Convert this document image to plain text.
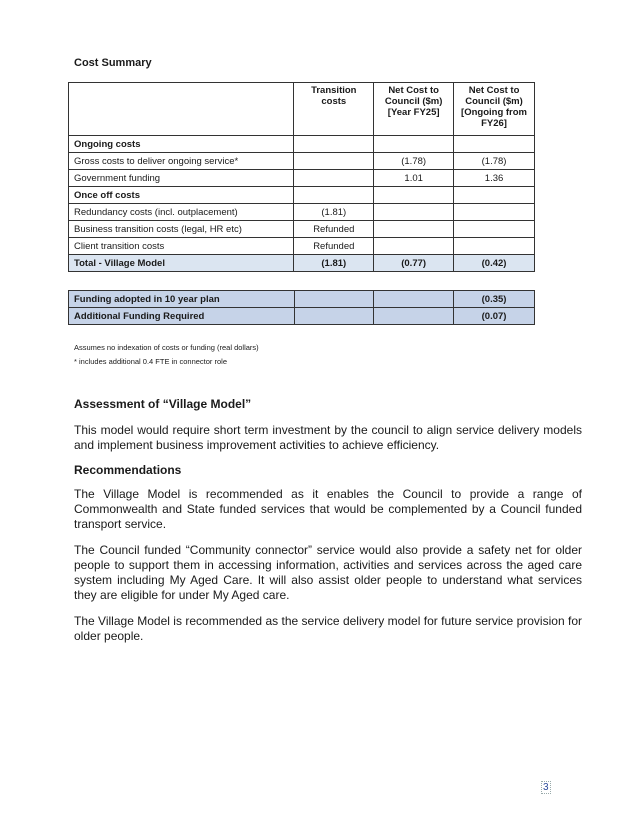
Cost Summary
	Transition costs	Net Cost to Council ($m) [Year FY25]	Net Cost to Council ($m) [Ongoing from FY26]
Ongoing costs			
Gross costs to deliver ongoing service*		(1.78)	(1.78)
Government funding		1.01	1.36
Once off costs			
Redundancy costs (incl. outplacement)	(1.81)		
Business transition costs (legal, HR etc)	Refunded		
Client transition costs	Refunded		
Total - Village Model	(1.81)	(0.77)	(0.42)
Funding adopted in 10 year plan			(0.35)
Additional Funding Required			(0.07)
Assumes no indexation of costs or funding (real dollars)
* includes additional 0.4 FTE in connector role
Assessment of “Village Model”
This model would require short term investment by the council to align service delivery models and implement business improvement activities to achieve efficiency.
Recommendations
The Village Model is recommended as it enables the Council to provide a range of Commonwealth and State funded services that would be complemented by a Council funded transport service.
The Council funded “Community connector” service would also provide a safety net for older people to support them in accessing information, activities and services across the aged care system including My Aged Care. It will also assist older people to understand what services they are eligible for under My Aged care.
The Village Model is recommended as the service delivery model for future service provision for older people.
3
